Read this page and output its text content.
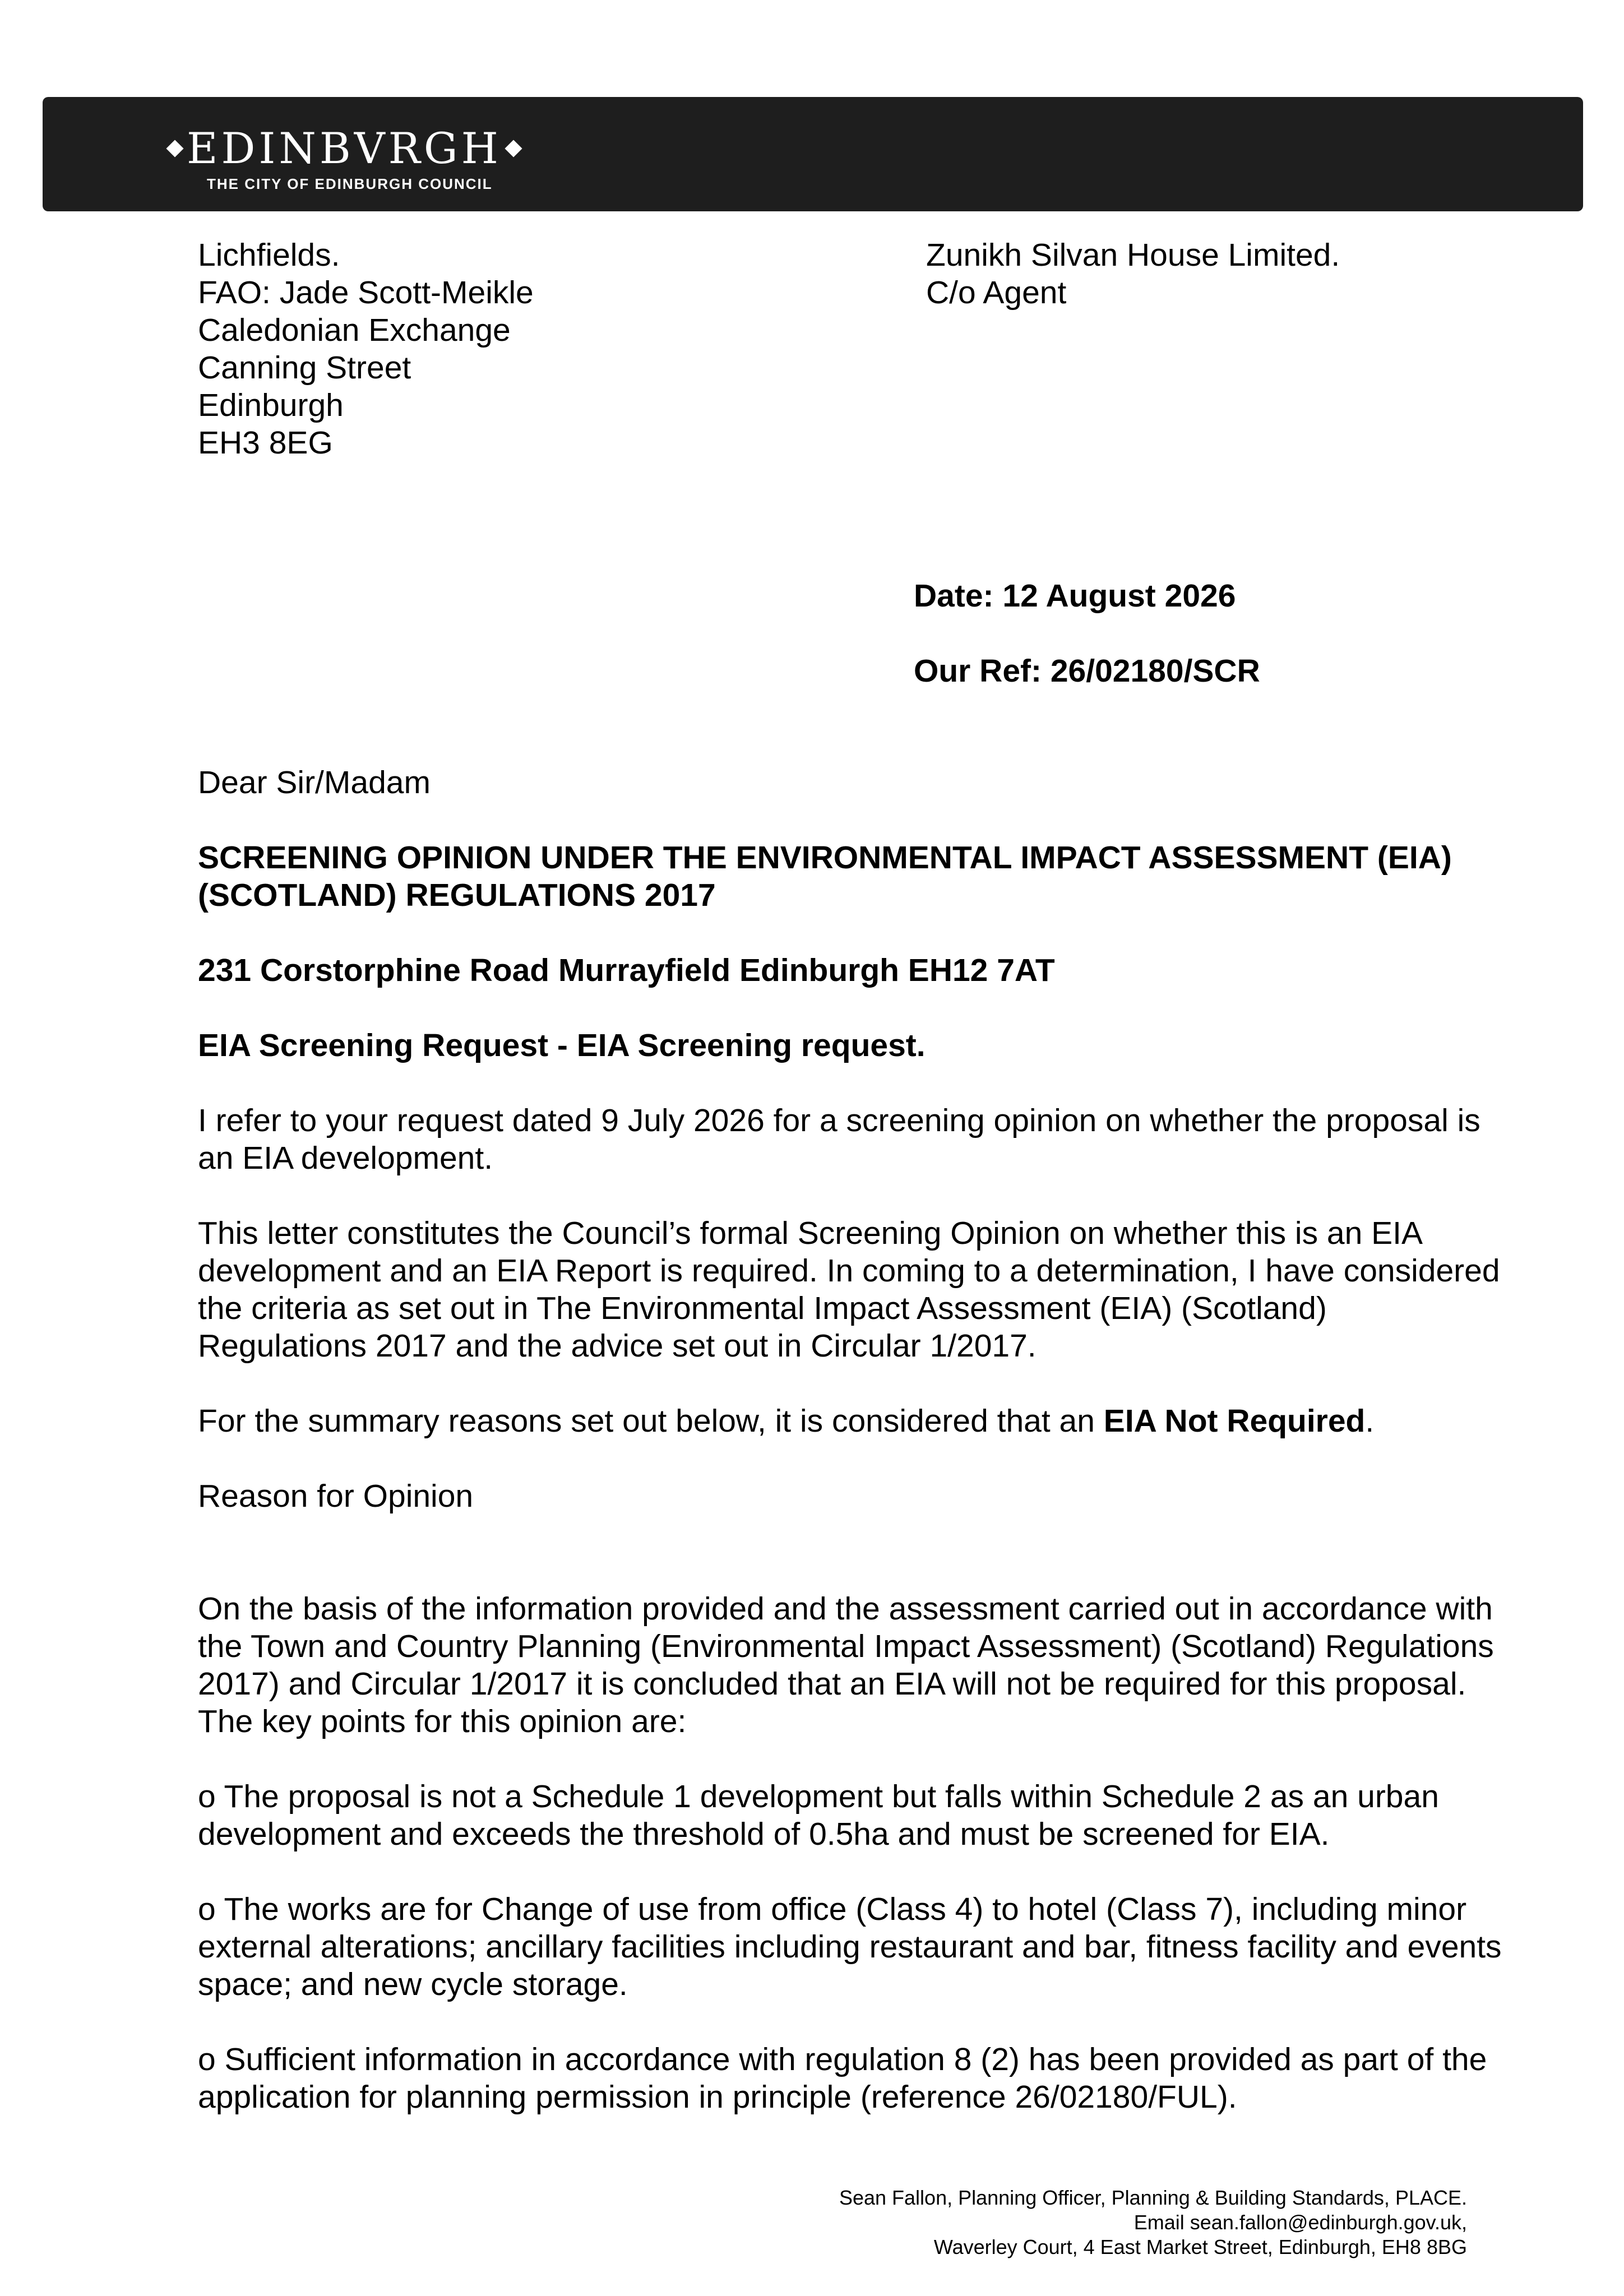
EDINBVRGH
THE CITY OF EDINBURGH COUNCIL
Lichfields.
FAO: Jade Scott-Meikle
Caledonian Exchange
Canning Street
Edinburgh
EH3 8EG
Zunikh Silvan House Limited.
C/o Agent
Date: 12 August 2026
Our Ref: 26/02180/SCR

Dear Sir/Madam

SCREENING OPINION UNDER THE ENVIRONMENTAL IMPACT ASSESSMENT (EIA) (SCOTLAND) REGULATIONS 2017

231 Corstorphine Road Murrayfield Edinburgh EH12 7AT

EIA Screening Request - EIA Screening request.

I refer to your request dated 9 July 2026 for a screening opinion on whether the proposal is an EIA development.

This letter constitutes the Council’s formal Screening Opinion on whether this is an EIA development and an EIA Report is required. In coming to a determination, I have considered the criteria as set out in The Environmental Impact Assessment (EIA) (Scotland) Regulations 2017 and the advice set out in Circular 1/2017.

For the summary reasons set out below, it is considered that an EIA Not Required.

Reason for Opinion

On the basis of the information provided and the assessment carried out in accordance with the Town and Country Planning (Environmental Impact Assessment) (Scotland) Regulations 2017) and Circular 1/2017 it is concluded that an EIA will not be required for this proposal.

The key points for this opinion are:

o The proposal is not a Schedule 1 development but falls within Schedule 2 as an urban development and exceeds the threshold of 0.5ha and must be screened for EIA.

o The works are for Change of use from office (Class 4) to hotel (Class 7), including minor external alterations; ancillary facilities including restaurant and bar, fitness facility and events space; and new cycle storage.

o Sufficient information in accordance with regulation 8 (2) has been provided as part of the application for planning permission in principle (reference 26/02180/FUL).

Sean Fallon, Planning Officer, Planning & Building Standards, PLACE.
Email sean.fallon@edinburgh.gov.uk,
Waverley Court, 4 East Market Street, Edinburgh, EH8 8BG
